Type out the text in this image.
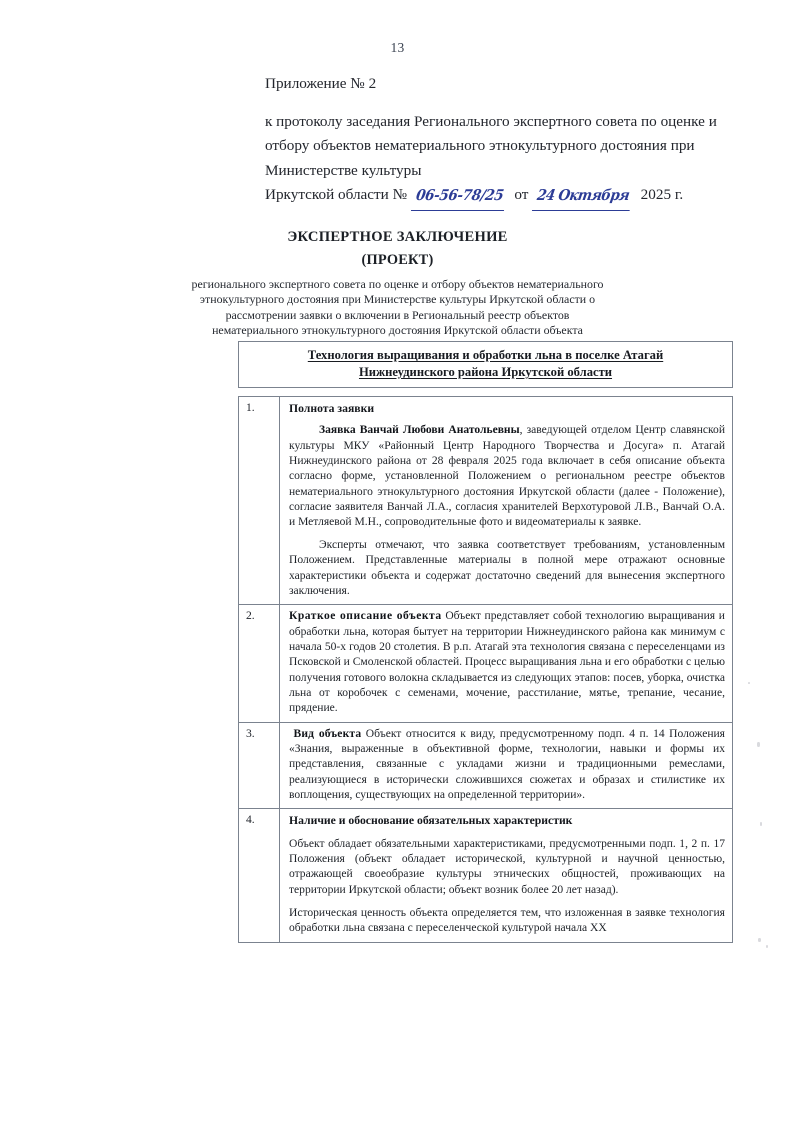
13
Приложение № 2
к протоколу заседания Регионального экспертного совета по оценке и отбору объектов нематериального этнокультурного достояния при Министерстве культуры
Иркутской области № 06-56-78/25 от 24 Октября 2025 г.
ЭКСПЕРТНОЕ ЗАКЛЮЧЕНИЕ
(ПРОЕКТ)
регионального экспертного совета по оценке и отбору объектов нематериального
этнокультурного достояния при Министерстве культуры Иркутской области о
рассмотрении заявки о включении в Региональный реестр объектов
нематериального этнокультурного достояния Иркутской области объекта
Технология выращивания и обработки льна в поселке Атагай
Нижнеудинского района Иркутской области
1.	Полнота заявки

Заявка Ванчай Любови Анатольевны, заведующей отделом Центр славянской культуры МКУ «Районный Центр Народного Творчества и Досуга» п. Атагай Нижнеудинского района от 28 февраля 2025 года включает в себя описание объекта согласно форме, установленной Положением о региональном реестре объектов нематериального этнокультурного достояния Иркутской области (далее - Положение), согласие заявителя Ванчай Л.А., согласия хранителей Верхотуровой Л.В., Ванчай О.А. и Метляевой М.Н., сопроводительные фото и видеоматериалы к заявке.

Эксперты отмечают, что заявка соответствует требованиям, установленным Положением. Представленные материалы в полной мере отражают основные характеристики объекта и содержат достаточно сведений для вынесения экспертного заключения.

2.	Краткое описание объекта Объект представляет собой технологию выращивания и обработки льна, которая бытует на территории Нижнеудинского района как минимум с начала 50-х годов 20 столетия. В р.п. Атагай эта технология связана с переселенцами из Псковской и Смоленской областей. Процесс выращивания льна и его обработки с целью получения готового волокна складывается из следующих этапов: посев, уборка, очистка льна от коробочек с семенами, мочение, расстилание, мятье, трепание, чесание, прядение.

3.	Вид объекта Объект относится к виду, предусмотренному подп. 4 п. 14 Положения «Знания, выраженные в объективной форме, технологии, навыки и формы их представления, связанные с укладами жизни и традиционными ремеслами, реализующиеся в исторически сложившихся сюжетах и образах и стилистике их воплощения, существующих на определенной территории».

4.	Наличие и обоснование обязательных характеристик

Объект обладает обязательными характеристиками, предусмотренными подп. 1, 2 п. 17 Положения (объект обладает исторической, культурной и научной ценностью, отражающей своеобразие культуры этнических общностей, проживающих на территории Иркутской области; объект возник более 20 лет назад).

Историческая ценность объекта определяется тем, что изложенная в заявке технология обработки льна связана с переселенческой культурой начала ХХ
